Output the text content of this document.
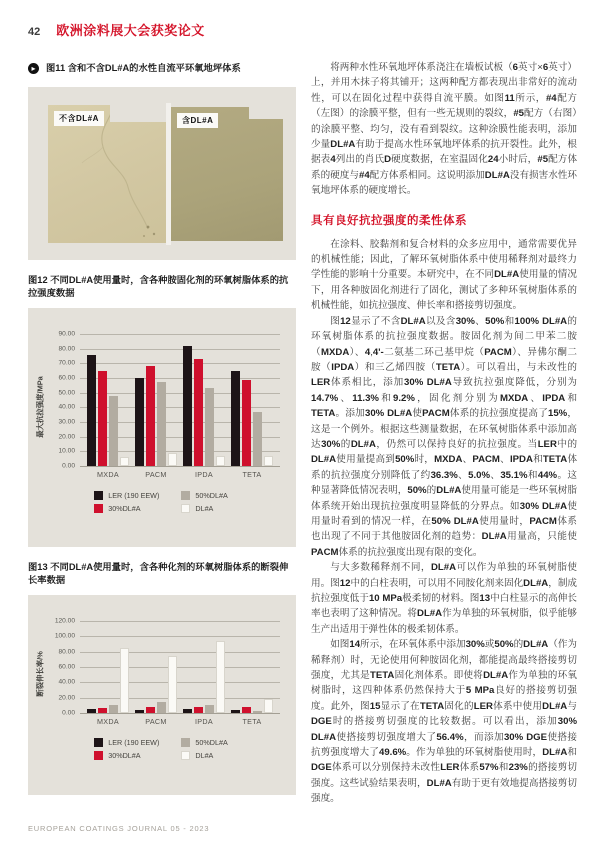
42 欧洲涂料展大会获奖论文
▸	图11 含和不含DL#A的水性自流平环氧地坪体系
不含DL#A	含DL#A
图12 不同DL#A使用量时，含各种胺固化剂的环氧树脂体系的抗拉强度数据
0.00
10.00
20.00
30.00
40.00
50.00
60.00
70.00
80.00
90.00
最大抗拉强度/MPa
MXDA	PACM	IPDA	TETA
LER (190 EEW)	50%DL#A
30%DL#A	DL#A
图13 不同DL#A使用量时，含各种化剂的环氧树脂体系的断裂伸长率数据
0.00
20.00
40.00
60.00
80.00
100.00
120.00
断裂伸长率/%
MXDA	PACM	IPDA	TETA
LER (190 EEW)	50%DL#A
30%DL#A	DL#A

将两种水性环氧地坪体系浇注在墙板试板（6英寸×6英寸）上，并用木抹子将其铺开；这两种配方都表现出非常好的流动性，可以在固化过程中获得自流平膜。如图11所示，#4配方（左图）的涂膜平整，但有一些无规则的裂纹，#5配方（右图）的涂膜平整、均匀，没有看到裂纹。这种涂膜性能表明，添加少量DL#A有助于提高水性环氧地坪体系的抗开裂性。此外，根据表4列出的肖氏D硬度数据，在室温固化24小时后，#5配方体系的硬度与#4配方体系相同。这说明添加DL#A没有损害水性环氧地坪体系的硬度增长。

具有良好抗拉强度的柔性体系

在涂料、胶黏剂和复合材料的众多应用中，通常需要优异的机械性能；因此，了解环氧树脂体系中使用稀释剂对最终力学性能的影响十分重要。本研究中，在不同DL#A使用量的情况下，用各种胺固化剂进行了固化，测试了多种环氧树脂体系的机械性能，如抗拉强度、伸长率和搭接剪切强度。

图12显示了不含DL#A以及含30%、50%和100% DL#A的环氧树脂体系的抗拉强度数据。胺固化剂为间二甲苯二胺（MXDA）、4,4'-二氨基二环己基甲烷（PACM）、异佛尔酮二胺（IPDA）和三乙烯四胺（TETA）。可以看出，与未改性的LER体系相比，添加30% DL#A导致抗拉强度降低，分别为14.7%、11.3%和9.2%，固化剂分别为MXDA、IPDA和TETA。添加30% DL#A使PACM体系的抗拉强度提高了15%，这是一个例外。根据这些测量数据，在环氧树脂体系中添加高达30%的DL#A，仍然可以保持良好的抗拉强度。当LER中的DL#A使用量提高到50%时，MXDA、PACM、IPDA和TETA体系的抗拉强度分别降低了约36.3%、5.0%、35.1%和44%。这种显著降低情况表明，50%的DL#A使用量可能是一些环氧树脂体系统开始出现抗拉强度明显降低的分界点。如30% DL#A使用量时看到的情况一样，在50% DL#A使用量时，PACM体系也出现了不同于其他胺固化剂的趋势：DL#A用量高，只能使PACM体系的抗拉强度出现有限的变化。

与大多数稀释剂不同，DL#A可以作为单独的环氧树脂使用。图12中的白柱表明，可以用不同胺化剂来固化DL#A，制成抗拉强度低于10 MPa极柔韧的材料。图13中白柱显示的高伸长率也表明了这种情况。将DL#A作为单独的环氧树脂，似乎能够生产出适用于弹性体的极柔韧体系。

如图14所示，在环氧体系中添加30%或50%的DL#A（作为稀释剂）时，无论使用何种胺固化剂，都能提高最终搭接剪切强度，尤其是TETA固化剂体系。即使将DL#A作为单独的环氧树脂时，这四种体系仍然保持大于5 MPa良好的搭接剪切强度。此外，图15显示了在TETA固化的LER体系中使用DL#A与DGE时的搭接剪切强度的比较数据。可以看出，添加30% DL#A使搭接剪切强度增大了56.4%，而添加30% DGE使搭接抗剪强度增大了49.6%。作为单独的环氧树脂使用时，DL#A和DGE体系可以分别保持未改性LER体系57%和23%的搭接剪切强度。这些试验结果表明，DL#A有助于更有效地提高搭接剪切强度。

EUROPEAN COATINGS JOURNAL 05 - 2023
